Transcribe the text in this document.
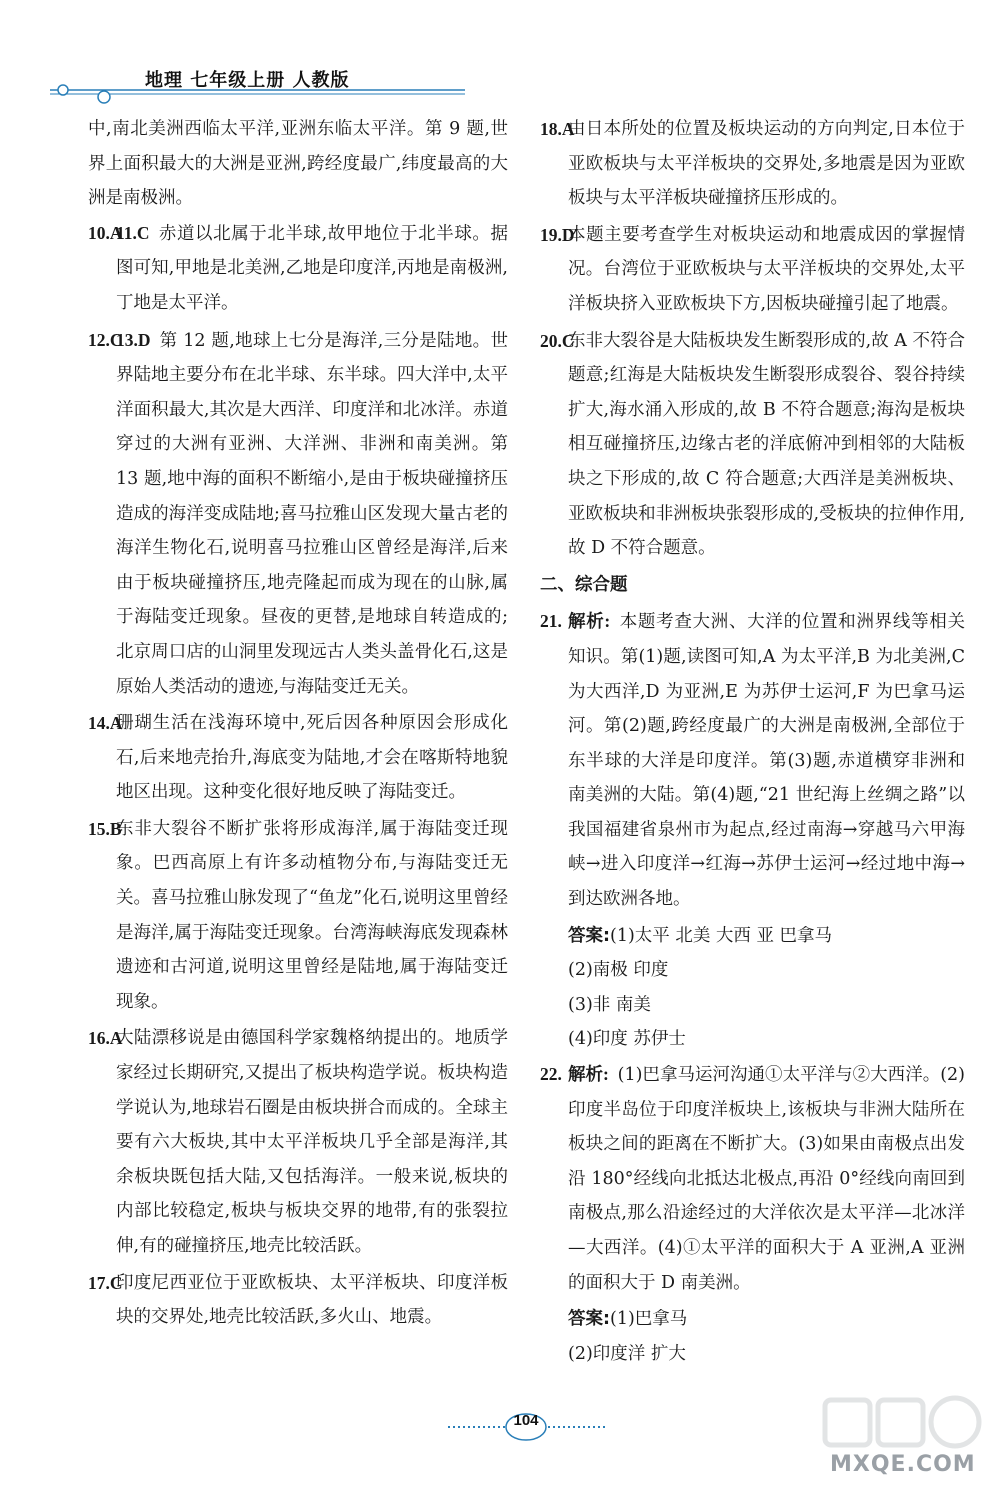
地理 七年级上册 人教版
中,南北美洲西临太平洋,亚洲东临太平洋。第 9 题,世界上面积最大的大洲是亚洲,跨经度最广,纬度最高的大洲是南极洲。
10.A
11.C  赤道以北属于北半球,故甲地位于北半球。据图可知,甲地是北美洲,乙地是印度洋,丙地是南极洲,丁地是太平洋。
12.C
13.D  第 12 题,地球上七分是海洋,三分是陆地。世界陆地主要分布在北半球、东半球。四大洋中,太平洋面积最大,其次是大西洋、印度洋和北冰洋。赤道穿过的大洲有亚洲、大洋洲、非洲和南美洲。第 13 题,地中海的面积不断缩小,是由于板块碰撞挤压造成的海洋变成陆地;喜马拉雅山区发现大量古老的海洋生物化石,说明喜马拉雅山区曾经是海洋,后来由于板块碰撞挤压,地壳隆起而成为现在的山脉,属于海陆变迁现象。昼夜的更替,是地球自转造成的;北京周口店的山洞里发现远古人类头盖骨化石,这是原始人类活动的遗迹,与海陆变迁无关。
14.A
珊瑚生活在浅海环境中,死后因各种原因会形成化石,后来地壳抬升,海底变为陆地,才会在喀斯特地貌地区出现。这种变化很好地反映了海陆变迁。
15.B
东非大裂谷不断扩张将形成海洋,属于海陆变迁现象。巴西高原上有许多动植物分布,与海陆变迁无关。喜马拉雅山脉发现了“鱼龙”化石,说明这里曾经是海洋,属于海陆变迁现象。台湾海峡海底发现森林遗迹和古河道,说明这里曾经是陆地,属于海陆变迁现象。
16.A
大陆漂移说是由德国科学家魏格纳提出的。地质学家经过长期研究,又提出了板块构造学说。板块构造学说认为,地球岩石圈是由板块拼合而成的。全球主要有六大板块,其中太平洋板块几乎全部是海洋,其余板块既包括大陆,又包括海洋。一般来说,板块的内部比较稳定,板块与板块交界的地带,有的张裂拉伸,有的碰撞挤压,地壳比较活跃。
17.C
印度尼西亚位于亚欧板块、太平洋板块、印度洋板块的交界处,地壳比较活跃,多火山、地震。
18.A
由日本所处的位置及板块运动的方向判定,日本位于亚欧板块与太平洋板块的交界处,多地震是因为亚欧板块与太平洋板块碰撞挤压形成的。
19.D
本题主要考查学生对板块运动和地震成因的掌握情况。台湾位于亚欧板块与太平洋板块的交界处,太平洋板块挤入亚欧板块下方,因板块碰撞引起了地震。
20.C
东非大裂谷是大陆板块发生断裂形成的,故 A 不符合题意;红海是大陆板块发生断裂形成裂谷、裂谷持续扩大,海水涌入形成的,故 B 不符合题意;海沟是板块相互碰撞挤压,边缘古老的洋底俯冲到相邻的大陆板块之下形成的,故 C 符合题意;大西洋是美洲板块、亚欧板块和非洲板块张裂形成的,受板块的拉伸作用,故 D 不符合题意。
二、综合题
21. 解析:  本题考查大洲、大洋的位置和洲界线等相关知识。第(1)题,读图可知,A 为太平洋,B 为北美洲,C 为大西洋,D 为亚洲,E 为苏伊士运河,F 为巴拿马运河。第(2)题,跨经度最广的大洲是南极洲,全部位于东半球的大洋是印度洋。第(3)题,赤道横穿非洲和南美洲的大陆。第(4)题,“21 世纪海上丝绸之路”以我国福建省泉州市为起点,经过南海→穿越马六甲海峡→进入印度洋→红海→苏伊士运河→经过地中海→到达欧洲各地。
答案:(1)太平 北美 大西 亚 巴拿马
(2)南极 印度
(3)非 南美
(4)印度 苏伊士
22. 解析:  (1)巴拿马运河沟通①太平洋与②大西洋。(2)印度半岛位于印度洋板块上,该板块与非洲大陆所在板块之间的距离在不断扩大。(3)如果由南极点出发沿 180°经线向北抵达北极点,再沿 0°经线向南回到南极点,那么沿途经过的大洋依次是太平洋—北冰洋—大西洋。(4)①太平洋的面积大于 A 亚洲,A 亚洲的面积大于 D 南美洲。
答案:(1)巴拿马
(2)印度洋 扩大
104
MXQE.COM
